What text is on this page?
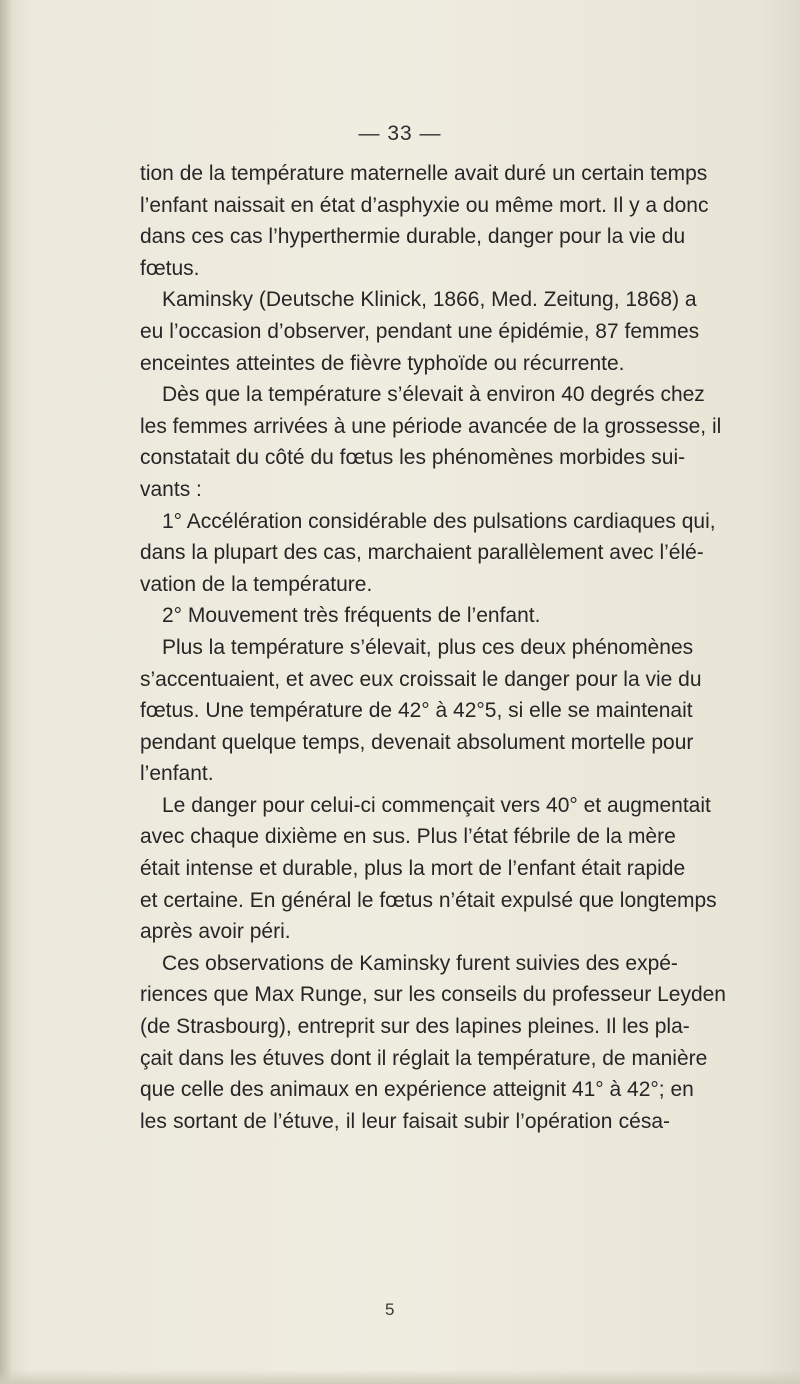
— 33 —
tion de la température maternelle avait duré un certain temps
l’enfant naissait en état d’asphyxie ou même mort. Il y a donc
dans ces cas l’hyperthermie durable, danger pour la vie du
fœtus.
Kaminsky (Deutsche Klinick, 1866, Med. Zeitung, 1868) a
eu l’occasion d’observer, pendant une épidémie, 87 femmes
enceintes atteintes de fièvre typhoïde ou récurrente.
Dès que la température s’élevait à environ 40 degrés chez
les femmes arrivées à une période avancée de la grossesse, il
constatait du côté du fœtus les phénomènes morbides sui-
vants :
1° Accélération considérable des pulsations cardiaques qui,
dans la plupart des cas, marchaient parallèlement avec l’élé-
vation de la température.
2° Mouvement très fréquents de l’enfant.
Plus la température s’élevait, plus ces deux phénomènes
s’accentuaient, et avec eux croissait le danger pour la vie du
fœtus. Une température de 42° à 42°5, si elle se maintenait
pendant quelque temps, devenait absolument mortelle pour
l’enfant.
Le danger pour celui-ci commençait vers 40° et augmentait
avec chaque dixième en sus. Plus l’état fébrile de la mère
était intense et durable, plus la mort de l’enfant était rapide
et certaine. En général le fœtus n’était expulsé que longtemps
après avoir péri.
Ces observations de Kaminsky furent suivies des expé-
riences que Max Runge, sur les conseils du professeur Leyden
(de Strasbourg), entreprit sur des lapines pleines. Il les pla-
çait dans les étuves dont il réglait la température, de manière
que celle des animaux en expérience atteignit 41° à 42°; en
les sortant de l’étuve, il leur faisait subir l’opération césa-
5
